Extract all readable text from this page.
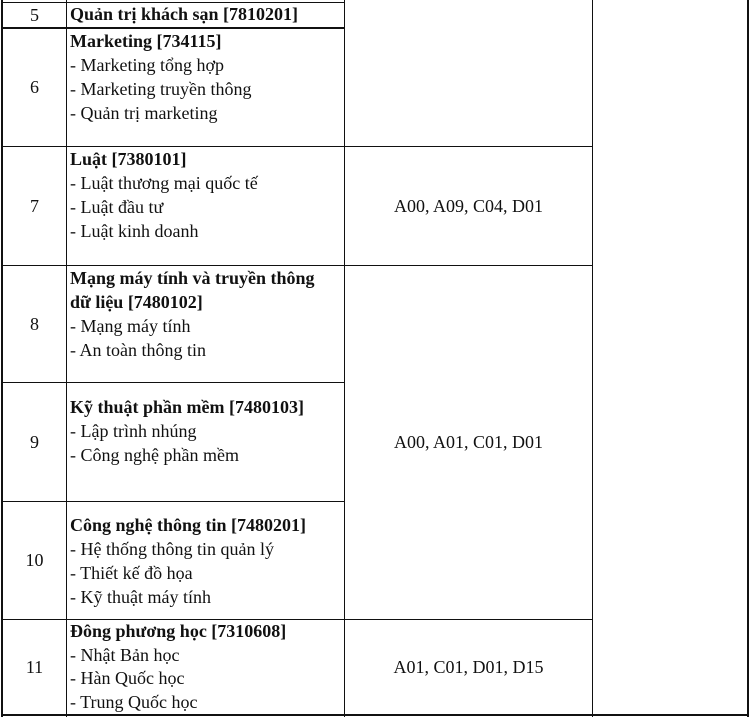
5 Quản trị khách sạn [7810201]
6
Marketing [734115]
- Marketing tổng hợp
- Marketing truyền thông
- Quản trị marketing
7
Luật [7380101]
- Luật thương mại quốc tế
- Luật đầu tư
- Luật kinh doanh
A00, A09, C04, D01
8
Mạng máy tính và truyền thông
dữ liệu [7480102]
- Mạng máy tính
- An toàn thông tin
9
Kỹ thuật phần mềm [7480103]
- Lập trình nhúng
- Công nghệ phần mềm
A00, A01, C01, D01
10
Công nghệ thông tin [7480201]
- Hệ thống thông tin quản lý
- Thiết kế đồ họa
- Kỹ thuật máy tính
11
Đông phương học [7310608]
- Nhật Bản học
- Hàn Quốc học
- Trung Quốc học
A01, C01, D01, D15
